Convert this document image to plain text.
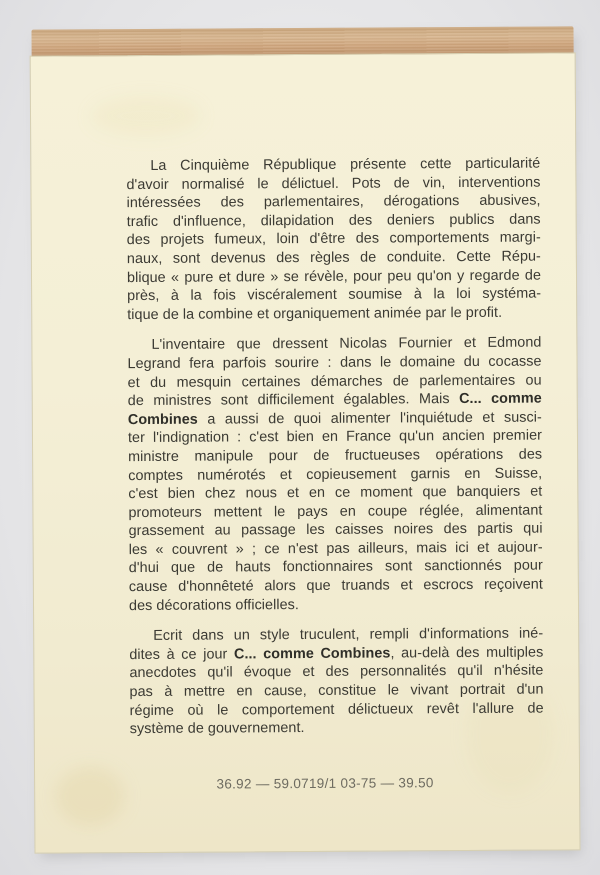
La Cinquième République présente cette particularité
d'avoir normalisé le délictuel. Pots de vin, interventions
intéressées des parlementaires, dérogations abusives,
trafic d'influence, dilapidation des deniers publics dans
des projets fumeux, loin d'être des comportements margi-
naux, sont devenus des règles de conduite. Cette Répu-
blique « pure et dure » se révèle, pour peu qu'on y regarde de
près, à la fois viscéralement soumise à la loi systéma-
tique de la combine et organiquement animée par le profit.
L'inventaire que dressent Nicolas Fournier et Edmond
Legrand fera parfois sourire : dans le domaine du cocasse
et du mesquin certaines démarches de parlementaires ou
de ministres sont difficilement égalables. Mais C... comme
Combines a aussi de quoi alimenter l'inquiétude et susci-
ter l'indignation : c'est bien en France qu'un ancien premier
ministre manipule pour de fructueuses opérations des
comptes numérotés et copieusement garnis en Suisse,
c'est bien chez nous et en ce moment que banquiers et
promoteurs mettent le pays en coupe réglée, alimentant
grassement au passage les caisses noires des partis qui
les « couvrent » ; ce n'est pas ailleurs, mais ici et aujour-
d'hui que de hauts fonctionnaires sont sanctionnés pour
cause d'honnêteté alors que truands et escrocs reçoivent
des décorations officielles.
Ecrit dans un style truculent, rempli d'informations iné-
dites à ce jour C... comme Combines, au-delà des multiples
anecdotes qu'il évoque et des personnalités qu'il n'hésite
pas à mettre en cause, constitue le vivant portrait d'un
régime où le comportement délictueux revêt l'allure de
système de gouvernement.
36.92 — 59.0719/1 03-75 — 39.50
